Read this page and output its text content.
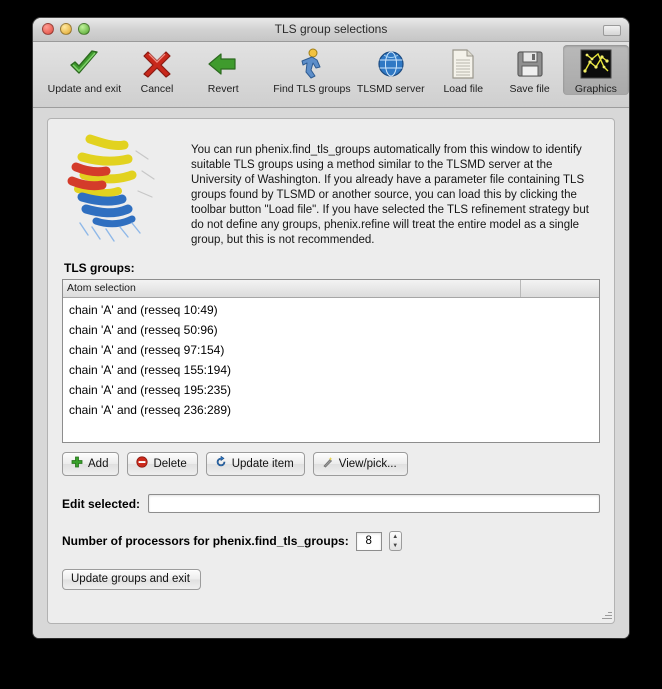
TLS group selections
Update and exit Cancel	Revert	Find TLS groups TLSMD server Load file	Save file Graphics
You can run phenix.find_tls_groups automatically from this window to identify suitable TLS groups using a method similar to the TLSMD server at the University of Washington. If you already have a parameter file containing TLS groups found by TLSMD or another source, you can load this by clicking the toolbar button "Load file". If you have selected the TLS refinement strategy but do not define any groups, phenix.refine will treat the entire model as a single group, but this is not recommended.
TLS groups:
Atom selection
chain 'A' and (resseq 10:49)
chain 'A' and (resseq 50:96)
chain 'A' and (resseq 97:154)
chain 'A' and (resseq 155:194)
chain 'A' and (resseq 195:235)
chain 'A' and (resseq 236:289)
Add	Delete	Update item	View/pick...
Edit selected:
Number of processors for phenix.find_tls_groups:
8	▲
▼
Update groups and exit
